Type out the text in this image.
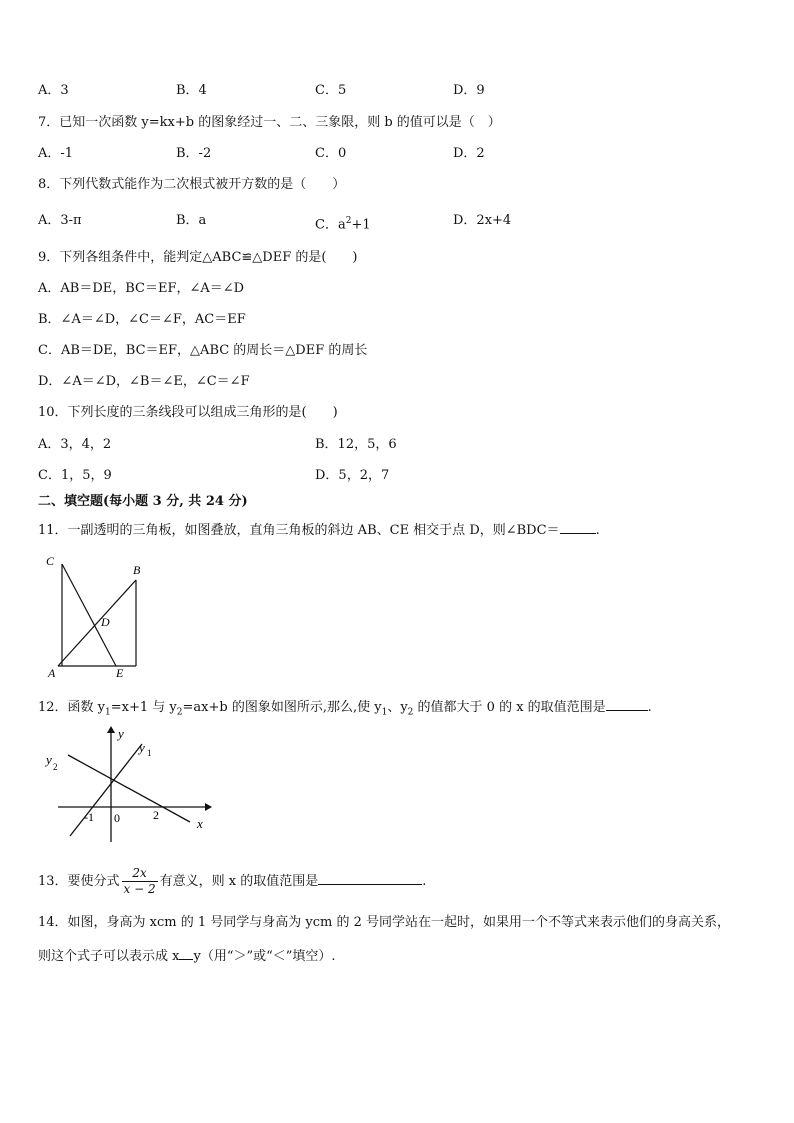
A．3	B．4	C．5	D．9
7．已知一次函数 y=kx+b 的图象经过一、二、三象限，则 b 的值可以是（　）
A．-1	B．-2	C．0	D．2
8．下列代数式能作为二次根式被开方数的是（　　）
A．3-π	B．a	C．$a^2+1$	D．2x+4
9．下列各组条件中，能判定△ABC≌△DEF 的是(　　)
A．AB＝DE，BC＝EF，∠A＝∠D
B．∠A＝∠D，∠C＝∠F，AC＝EF
C．AB＝DE，BC＝EF，△ABC 的周长＝△DEF 的周长
D．∠A＝∠D，∠B＝∠E，∠C＝∠F
10．下列长度的三条线段可以组成三角形的是(　　)
A．3，4，2	B．12，5，6
C．1，5，9	D．5，2，7
二、填空题(每小题 3 分, 共 24 分)
11．一副透明的三角板，如图叠放，直角三角板的斜边 AB、CE 相交于点 D，则∠BDC＝	.
C
B
D
A	E
12．函数 $y_1=x+1$ 与 $y_2=ax+b$ 的图象如图所示,那么,使 $y_1$、$y_2$ 的值都大于 0 的 x 的取值范围是	.
y
x
y 1
y 2
-1 0	2
13．要使分式 $\frac{2x}{x - 2}$ 有意义，则 x 的取值范围是	.
14．如图，身高为 xcm 的 1 号同学与身高为 ycm 的 2 号同学站在一起时，如果用一个不等式来表示他们的身高关系，
则这个式子可以表示成 x y（用“＞”或“＜”填空）.
